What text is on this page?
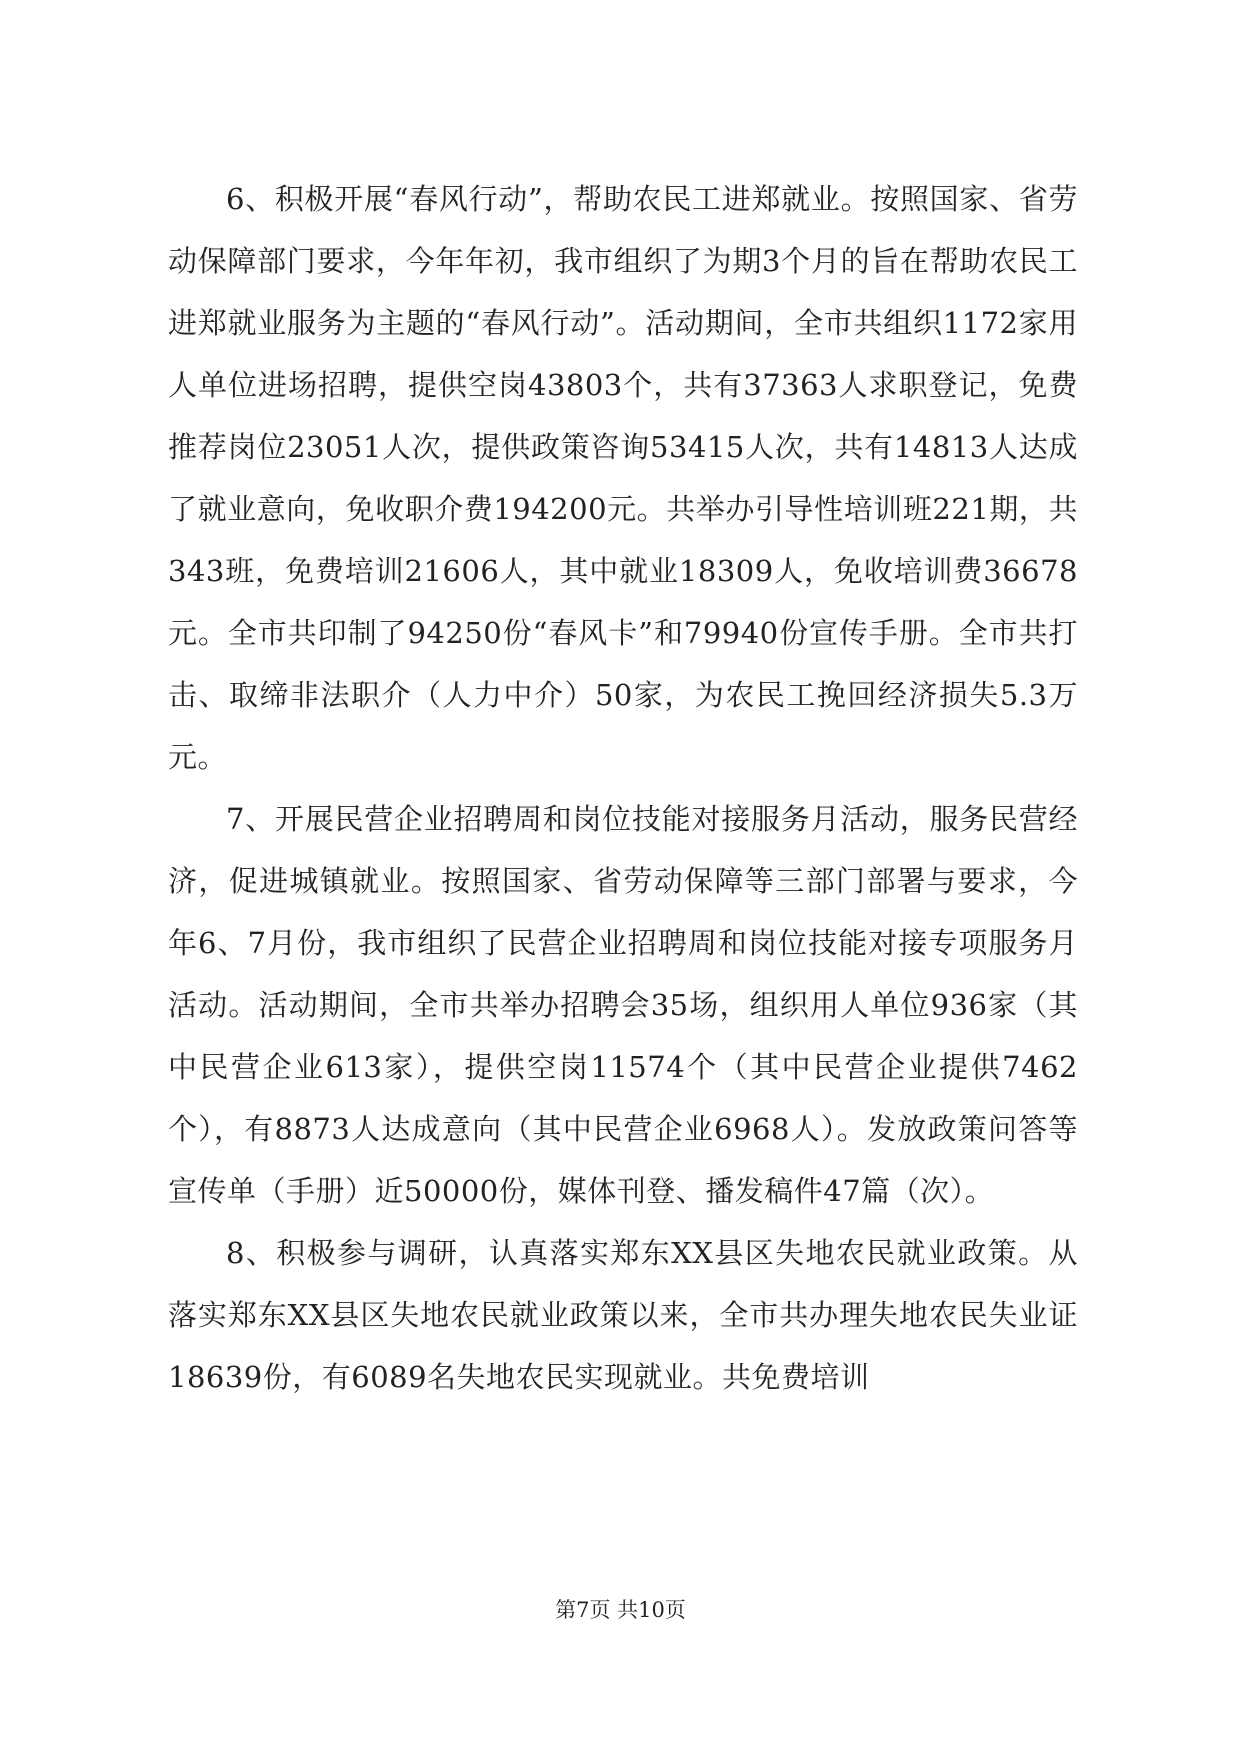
6、积极开展“春风行动”，帮助农民工进郑就业。按照国家、省劳动保障部门要求，今年年初，我市组织了为期3个月的旨在帮助农民工进郑就业服务为主题的“春风行动”。活动期间，全市共组织1172家用人单位进场招聘，提供空岗43803个，共有37363人求职登记，免费推荐岗位23051人次，提供政策咨询53415人次，共有14813人达成了就业意向，免收职介费194200元。共举办引导性培训班221期，共343班，免费培训21606人，其中就业18309人，免收培训费36678元。全市共印制了94250份“春风卡”和79940份宣传手册。全市共打击、取缔非法职介（人力中介）50家，为农民工挽回经济损失5.3万元。

7、开展民营企业招聘周和岗位技能对接服务月活动，服务民营经济，促进城镇就业。按照国家、省劳动保障等三部门部署与要求，今年6、7月份，我市组织了民营企业招聘周和岗位技能对接专项服务月活动。活动期间，全市共举办招聘会35场，组织用人单位936家（其中民营企业613家），提供空岗11574个（其中民营企业提供7462个），有8873人达成意向（其中民营企业6968人）。发放政策问答等宣传单（手册）近50000份，媒体刊登、播发稿件47篇（次）。

8、积极参与调研，认真落实郑东XX县区失地农民就业政策。从落实郑东XX县区失地农民就业政策以来，全市共办理失地农民失业证18639份，有6089名失地农民实现就业。共免费培训

第7页 共10页
